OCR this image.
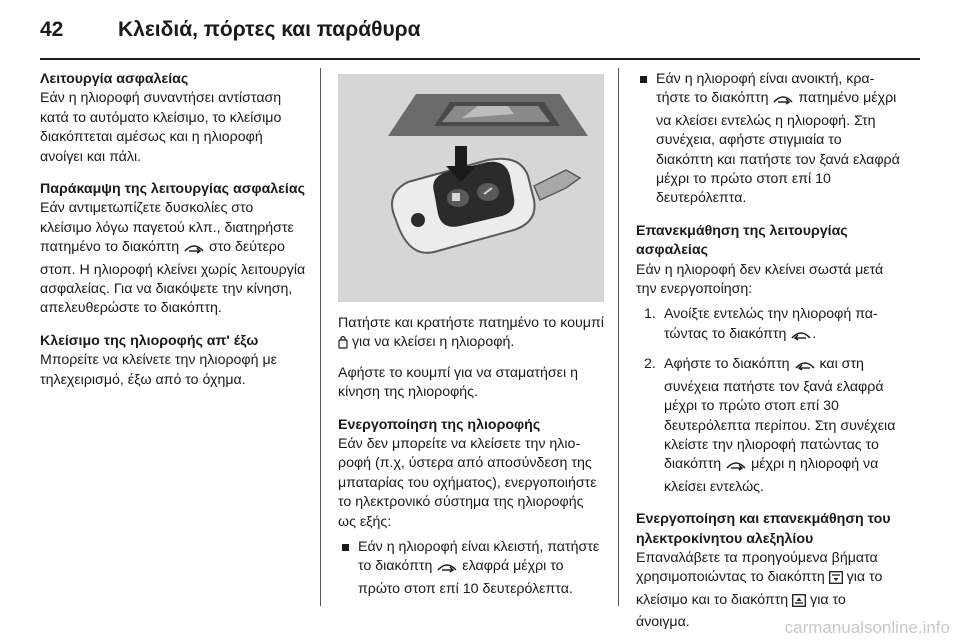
42	Κλειδιά, πόρτες και παράθυρα
Λειτουργία ασφαλείας

Εάν η ηλιοροφή συναντήσει αντίσταση κατά το αυτόματο κλείσιμο, το κλείσιμο διακόπτεται αμέσως και η ηλιοροφή ανοίγει και πάλι.

Παράκαμψη της λειτουργίας ασφαλείας

Εάν αντιμετωπίζετε δυσκολίες στο κλείσιμο λόγω παγετού κλπ., διατηρήστε πατημένο το διακόπτη στο δεύτερο στοπ. Η ηλιοροφή κλείνει χωρίς λειτουργία ασφαλείας. Για να διακόψετε την κίνηση, απελευθερώστε το διακόπτη.

Κλείσιμο της ηλιοροφής απ' έξω

Μπορείτε να κλείνετε την ηλιοροφή με τηλεχειρισμό, έξω από το όχημα.

Πατήστε και κρατήστε πατημένο το κουμπί  για να κλείσει η ηλιοροφή.

Αφήστε το κουμπί για να σταματήσει η κίνηση της ηλιοροφής.

Ενεργοποίηση της ηλιοροφής

Εάν δεν μπορείτε να κλείσετε την ηλιοροφή (π.χ, ύστερα από αποσύνδεση της μπαταρίας του οχήματος), ενεργοποιήστε το ηλεκτρονικό σύστημα της ηλιοροφής ως εξής:

Εάν η ηλιοροφή είναι κλειστή, πατήστε το διακόπτη ελαφρά μέχρι το πρώτο στοπ επί 10 δευτερόλεπτα.
Εάν η ηλιοροφή είναι ανοικτή, κρατήστε το διακόπτη πατημένο μέχρι να κλείσει εντελώς η ηλιοροφή. Στη συνέχεια, αφήστε στιγμιαία το διακόπτη και πατήστε τον ξανά ελαφρά μέχρι το πρώτο στοπ επί 10 δευτερόλεπτα.
Επανεκμάθηση της λειτουργίας ασφαλείας

Εάν η ηλιοροφή δεν κλείνει σωστά μετά την ενεργοποίηση:

1. Ανοίξτε εντελώς την ηλιοροφή πατώντας το διακόπτη .
2. Αφήστε το διακόπτη και στη συνέχεια πατήστε τον ξανά ελαφρά μέχρι το πρώτο στοπ επί 30 δευτερόλεπτα περίπου. Στη συνέχεια κλείστε την ηλιοροφή πατώντας το διακόπτη μέχρι η ηλιοροφή να κλείσει εντελώς.
Ενεργοποίηση και επανεκμάθηση του ηλεκτροκίνητου αλεξηλίου

Επαναλάβετε τα προηγούμενα βήματα χρησιμοποιώντας το διακόπτη για το κλείσιμο και το διακόπτη για το άνοιγμα.	carmanualsonline.info
